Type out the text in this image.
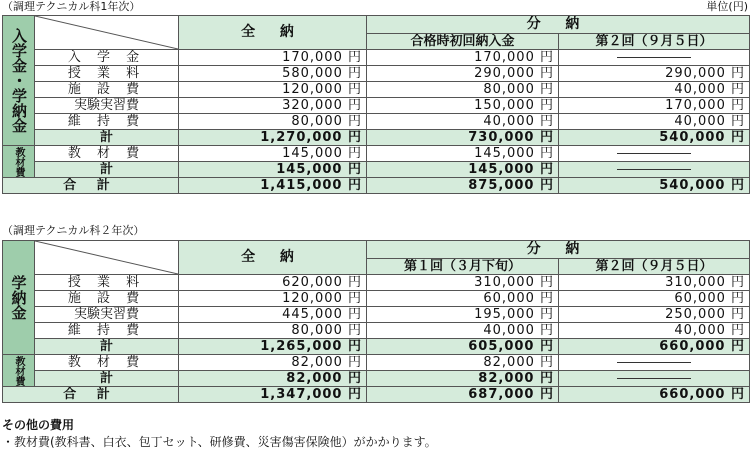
（調理テクニカル科1年次）	単位(円)
入学金・学納金		全 納	分 納	
			合格時初回納入金	第２回（９月５日）
	入 学 金	170,000 円	170,000 円	
	授 業 料	580,000 円	290,000 円	290,000 円
	施 設 費	120,000 円	80,000 円	40,000 円
	実験実習費	320,000 円	150,000 円	170,000 円
	維 持 費	80,000 円	40,000 円	40,000 円
	計	1,270,000 円	730,000 円	540,000 円
教材費	教 材 費	145,000 円	145,000 円	
	計	145,000 円	145,000 円	
合 計		1,415,000 円	875,000 円	540,000 円
（調理テクニカル科２年次）
学納金		全 納	分 納	
			第１回（３月下旬）	第２回（９月５日）
	授 業 料	620,000 円	310,000 円	310,000 円
	施 設 費	120,000 円	60,000 円	60,000 円
	実験実習費	445,000 円	195,000 円	250,000 円
	維 持 費	80,000 円	40,000 円	40,000 円
	計	1,265,000 円	605,000 円	660,000 円
教材費	教 材 費	82,000 円	82,000 円	
	計	82,000 円	82,000 円	
合 計		1,347,000 円	687,000 円	660,000 円
その他の費用
・教材費(教科書、白衣、包丁セット、研修費、災害傷害保険他）がかかります。
